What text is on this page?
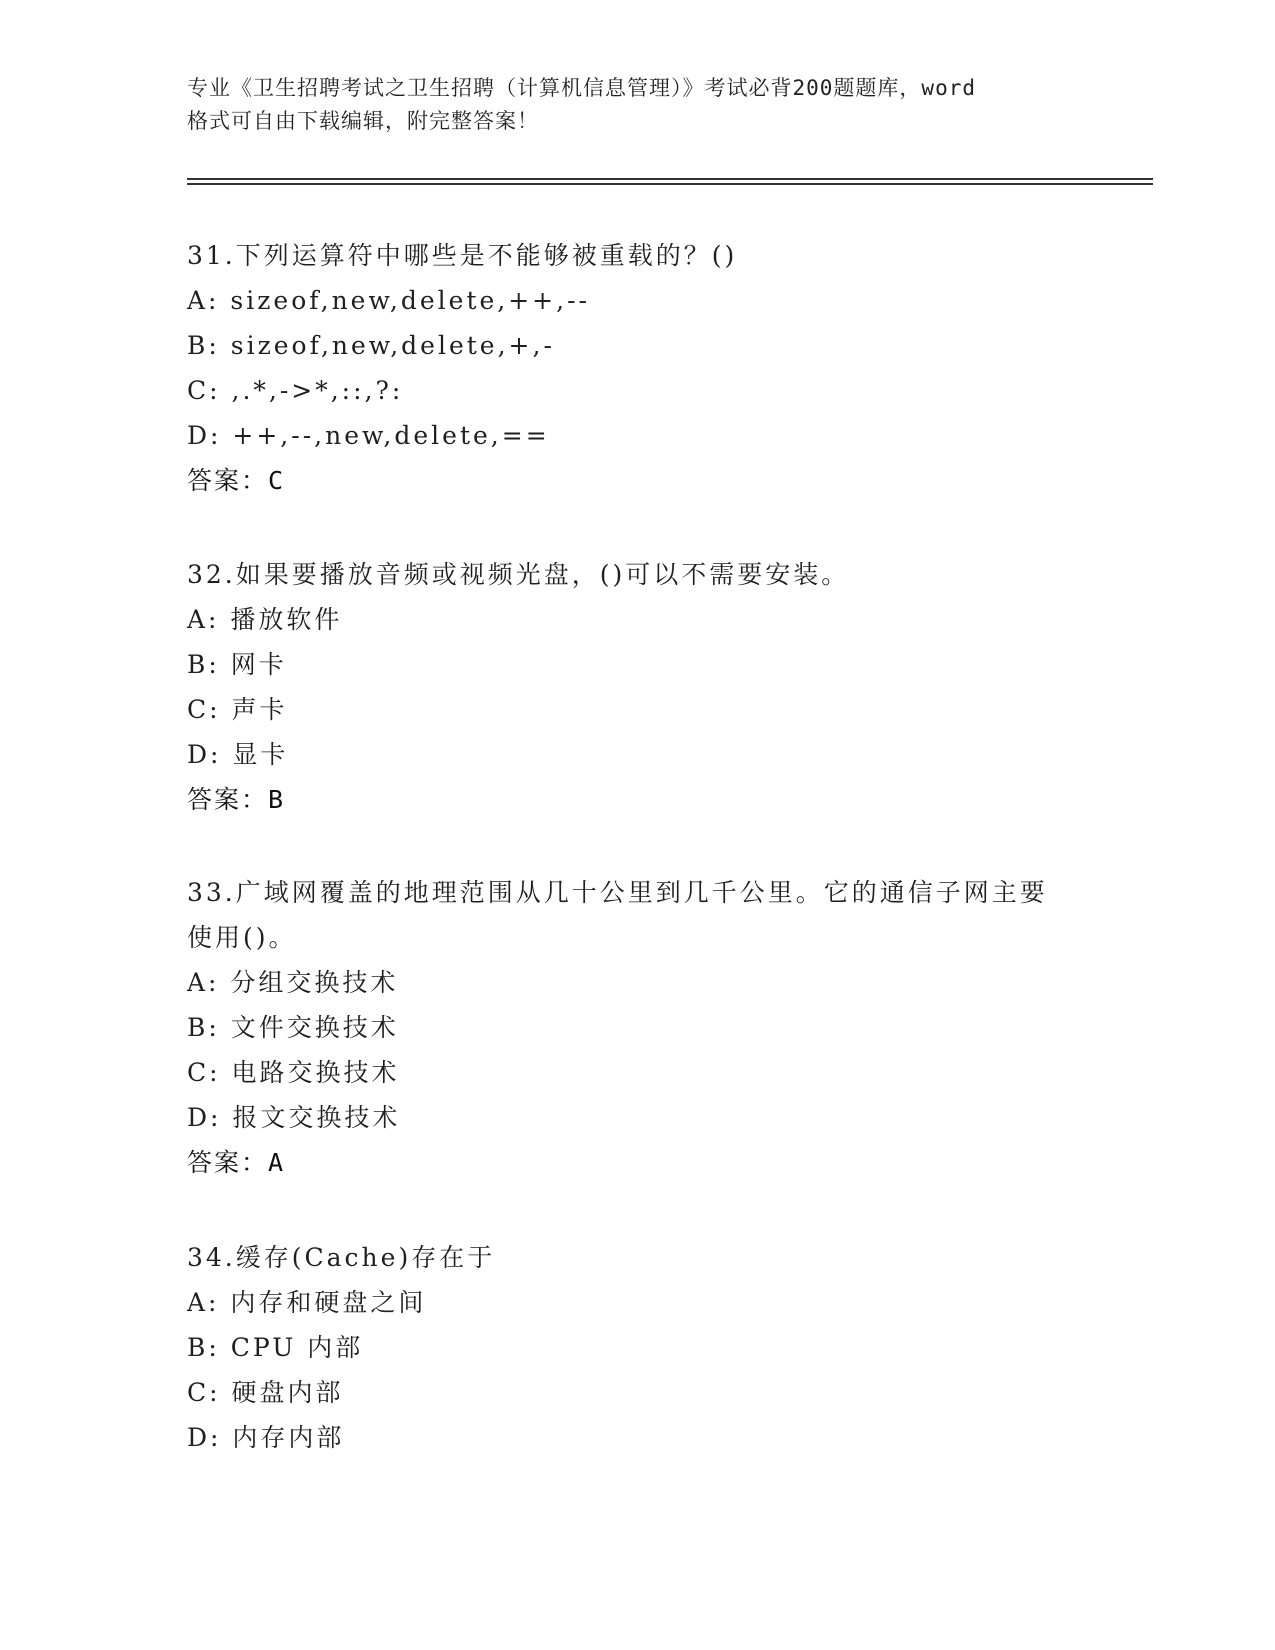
专业《卫生招聘考试之卫生招聘（计算机信息管理）》考试必背200题题库，word
格式可自由下载编辑，附完整答案！
31.下列运算符中哪些是不能够被重载的？()
A: sizeof,new,delete,++,--
B: sizeof,new,delete,+,-
C: ,.*,->*,::,?:
D: ++,--,new,delete,==
答案：C
32.如果要播放音频或视频光盘，()可以不需要安装。
A: 播放软件
B: 网卡
C: 声卡
D: 显卡
答案：B
33.广域网覆盖的地理范围从几十公里到几千公里。它的通信子网主要
使用()。
A: 分组交换技术
B: 文件交换技术
C: 电路交换技术
D: 报文交换技术
答案：A
34.缓存(Cache)存在于
A: 内存和硬盘之间
B: CPU 内部
C: 硬盘内部
D: 内存内部
